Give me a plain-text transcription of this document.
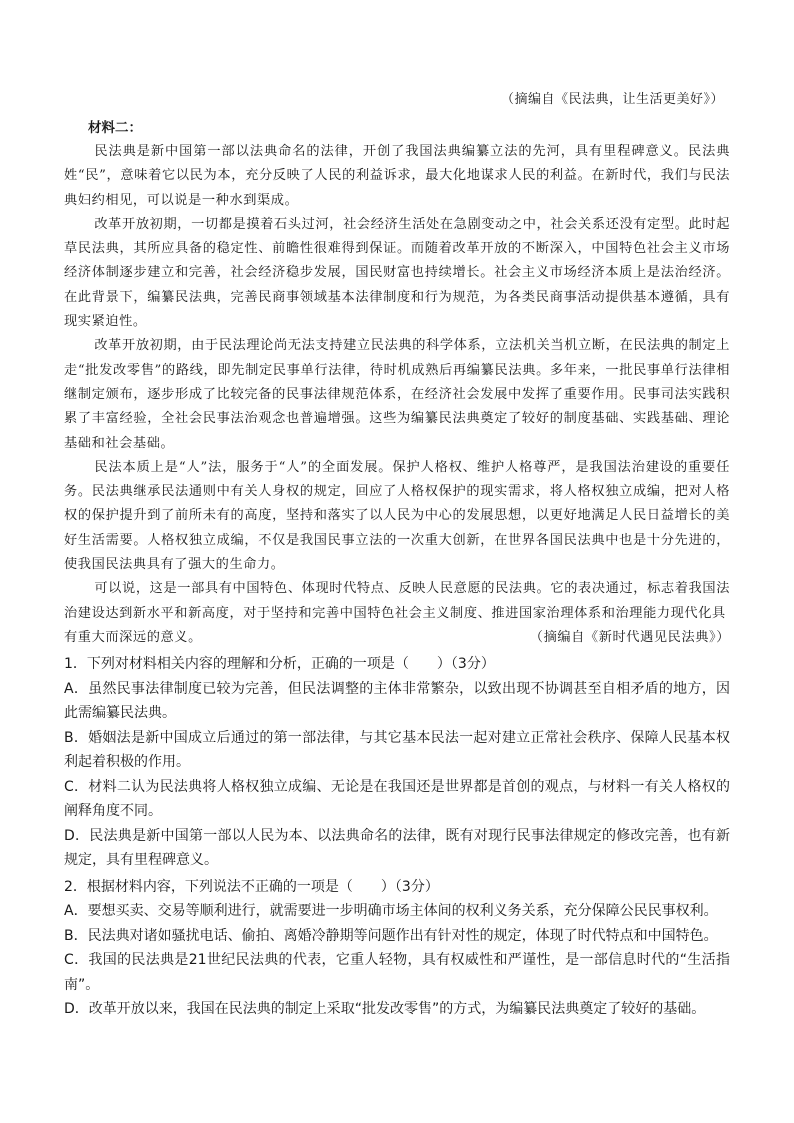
（摘编自《民法典，让生活更美好》）
材料二：

民法典是新中国第一部以法典命名的法律，开创了我国法典编纂立法的先河，具有里程碑意义。民法典姓“民”，意味着它以民为本，充分反映了人民的利益诉求，最大化地谋求人民的利益。在新时代，我们与民法典妇约相见，可以说是一种水到渠成。

改革开放初期，一切都是摸着石头过河，社会经济生活处在急剧变动之中，社会关系还没有定型。此时起草民法典，其所应具备的稳定性、前瞻性很难得到保证。而随着改革开放的不断深入，中国特色社会主义市场经济体制逐步建立和完善，社会经济稳步发展，国民财富也持续增长。社会主义市场经济本质上是法治经济。在此背景下，编纂民法典，完善民商事领域基本法律制度和行为规范，为各类民商事活动提供基本遵循，具有现实紧迫性。

改革开放初期，由于民法理论尚无法支持建立民法典的科学体系，立法机关当机立断，在民法典的制定上走“批发改零售”的路线，即先制定民事单行法律，待时机成熟后再编纂民法典。多年来，一批民事单行法律相继制定颁布，逐步形成了比较完备的民事法律规范体系，在经济社会发展中发挥了重要作用。民事司法实践积累了丰富经验，全社会民事法治观念也普遍增强。这些为编纂民法典奠定了较好的制度基础、实践基础、理论基础和社会基础。

民法本质上是“人”法，服务于“人”的全面发展。保护人格权、维护人格尊严，是我国法治建设的重要任务。民法典继承民法通则中有关人身权的规定，回应了人格权保护的现实需求，将人格权独立成编，把对人格权的保护提升到了前所未有的高度，坚持和落实了以人民为中心的发展思想，以更好地满足人民日益增长的美好生活需要。人格权独立成编，不仅是我国民事立法的一次重大创新，在世界各国民法典中也是十分先进的，使我国民法典具有了强大的生命力。

可以说，这是一部具有中国特色、体现时代特点、反映人民意愿的民法典。它的表决通过，标志着我国法治建设达到新水平和新高度，对于坚持和完善中国特色社会主义制度、推进国家治理体系和治理能力现代化具

有重大而深远的意义。	（摘编自《新时代遇见民法典》）

1．下列对材料相关内容的理解和分析，正确的一项是（　　）（3分）

A．虽然民事法律制度已较为完善，但民法调整的主体非常繁杂，以致出现不协调甚至自相矛盾的地方，因此需编纂民法典。

B．婚姻法是新中国成立后通过的第一部法律，与其它基本民法一起对建立正常社会秩序、保障人民基本权利起着积极的作用。

C．材料二认为民法典将人格权独立成编、无论是在我国还是世界都是首创的观点，与材料一有关人格权的阐释角度不同。

D．民法典是新中国第一部以人民为本、以法典命名的法律，既有对现行民事法律规定的修改完善，也有新规定，具有里程碑意义。

2．根据材料内容，下列说法不正确的一项是（　　）（3分）

A．要想买卖、交易等顺利进行，就需要进一步明确市场主体间的权利义务关系，充分保障公民民事权利。

B．民法典对诸如骚扰电话、偷拍、离婚冷静期等问题作出有针对性的规定，体现了时代特点和中国特色。

C．我国的民法典是21世纪民法典的代表，它重人轻物，具有权威性和严谨性，是一部信息时代的“生活指南”。

D．改革开放以来，我国在民法典的制定上采取“批发改零售”的方式，为编纂民法典奠定了较好的基础。
